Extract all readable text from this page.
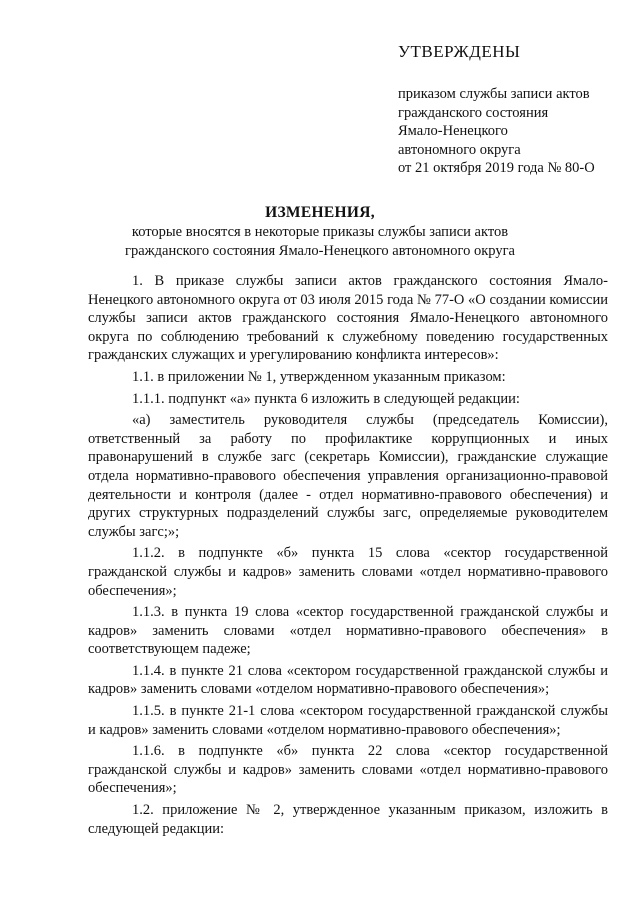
УТВЕРЖДЕНЫ
приказом службы записи актов
гражданского состояния
Ямало-Ненецкого
автономного округа
от 21 октября 2019 года № 80-О
ИЗМЕНЕНИЯ,
которые вносятся в некоторые приказы службы записи актов гражданского состояния Ямало-Ненецкого автономного округа

1. В приказе службы записи актов гражданского состояния Ямало-Ненецкого автономного округа от 03 июля 2015 года № 77-О «О создании комиссии службы записи актов гражданского состояния Ямало-Ненецкого автономного округа по соблюдению требований к служебному поведению государственных гражданских служащих и урегулированию конфликта интересов»:

1.1. в приложении № 1, утвержденном указанным приказом:

1.1.1. подпункт «а» пункта 6 изложить в следующей редакции:

«а) заместитель руководителя службы (председатель Комиссии), ответственный за работу по профилактике коррупционных и иных правонарушений в службе загс (секретарь Комиссии), гражданские служащие отдела нормативно-правового обеспечения управления организационно-правовой деятельности и контроля (далее - отдел нормативно-правового обеспечения) и других структурных подразделений службы загс, определяемые руководителем службы загс;»;

1.1.2. в подпункте «б» пункта 15 слова «сектор государственной гражданской службы и кадров» заменить словами «отдел нормативно-правового обеспечения»;

1.1.3. в пункта 19 слова «сектор государственной гражданской службы и кадров» заменить словами «отдел нормативно-правового обеспечения» в соответствующем падеже;

1.1.4. в пункте 21 слова «сектором государственной гражданской службы и кадров» заменить словами «отделом нормативно-правового обеспечения»;

1.1.5. в пункте 21-1 слова «сектором государственной гражданской службы и кадров» заменить словами «отделом нормативно-правового обеспечения»;

1.1.6. в подпункте «б» пункта 22 слова «сектор государственной гражданской службы и кадров» заменить словами «отдел нормативно-правового обеспечения»;

1.2. приложение № 2, утвержденное указанным приказом, изложить в следующей редакции:
